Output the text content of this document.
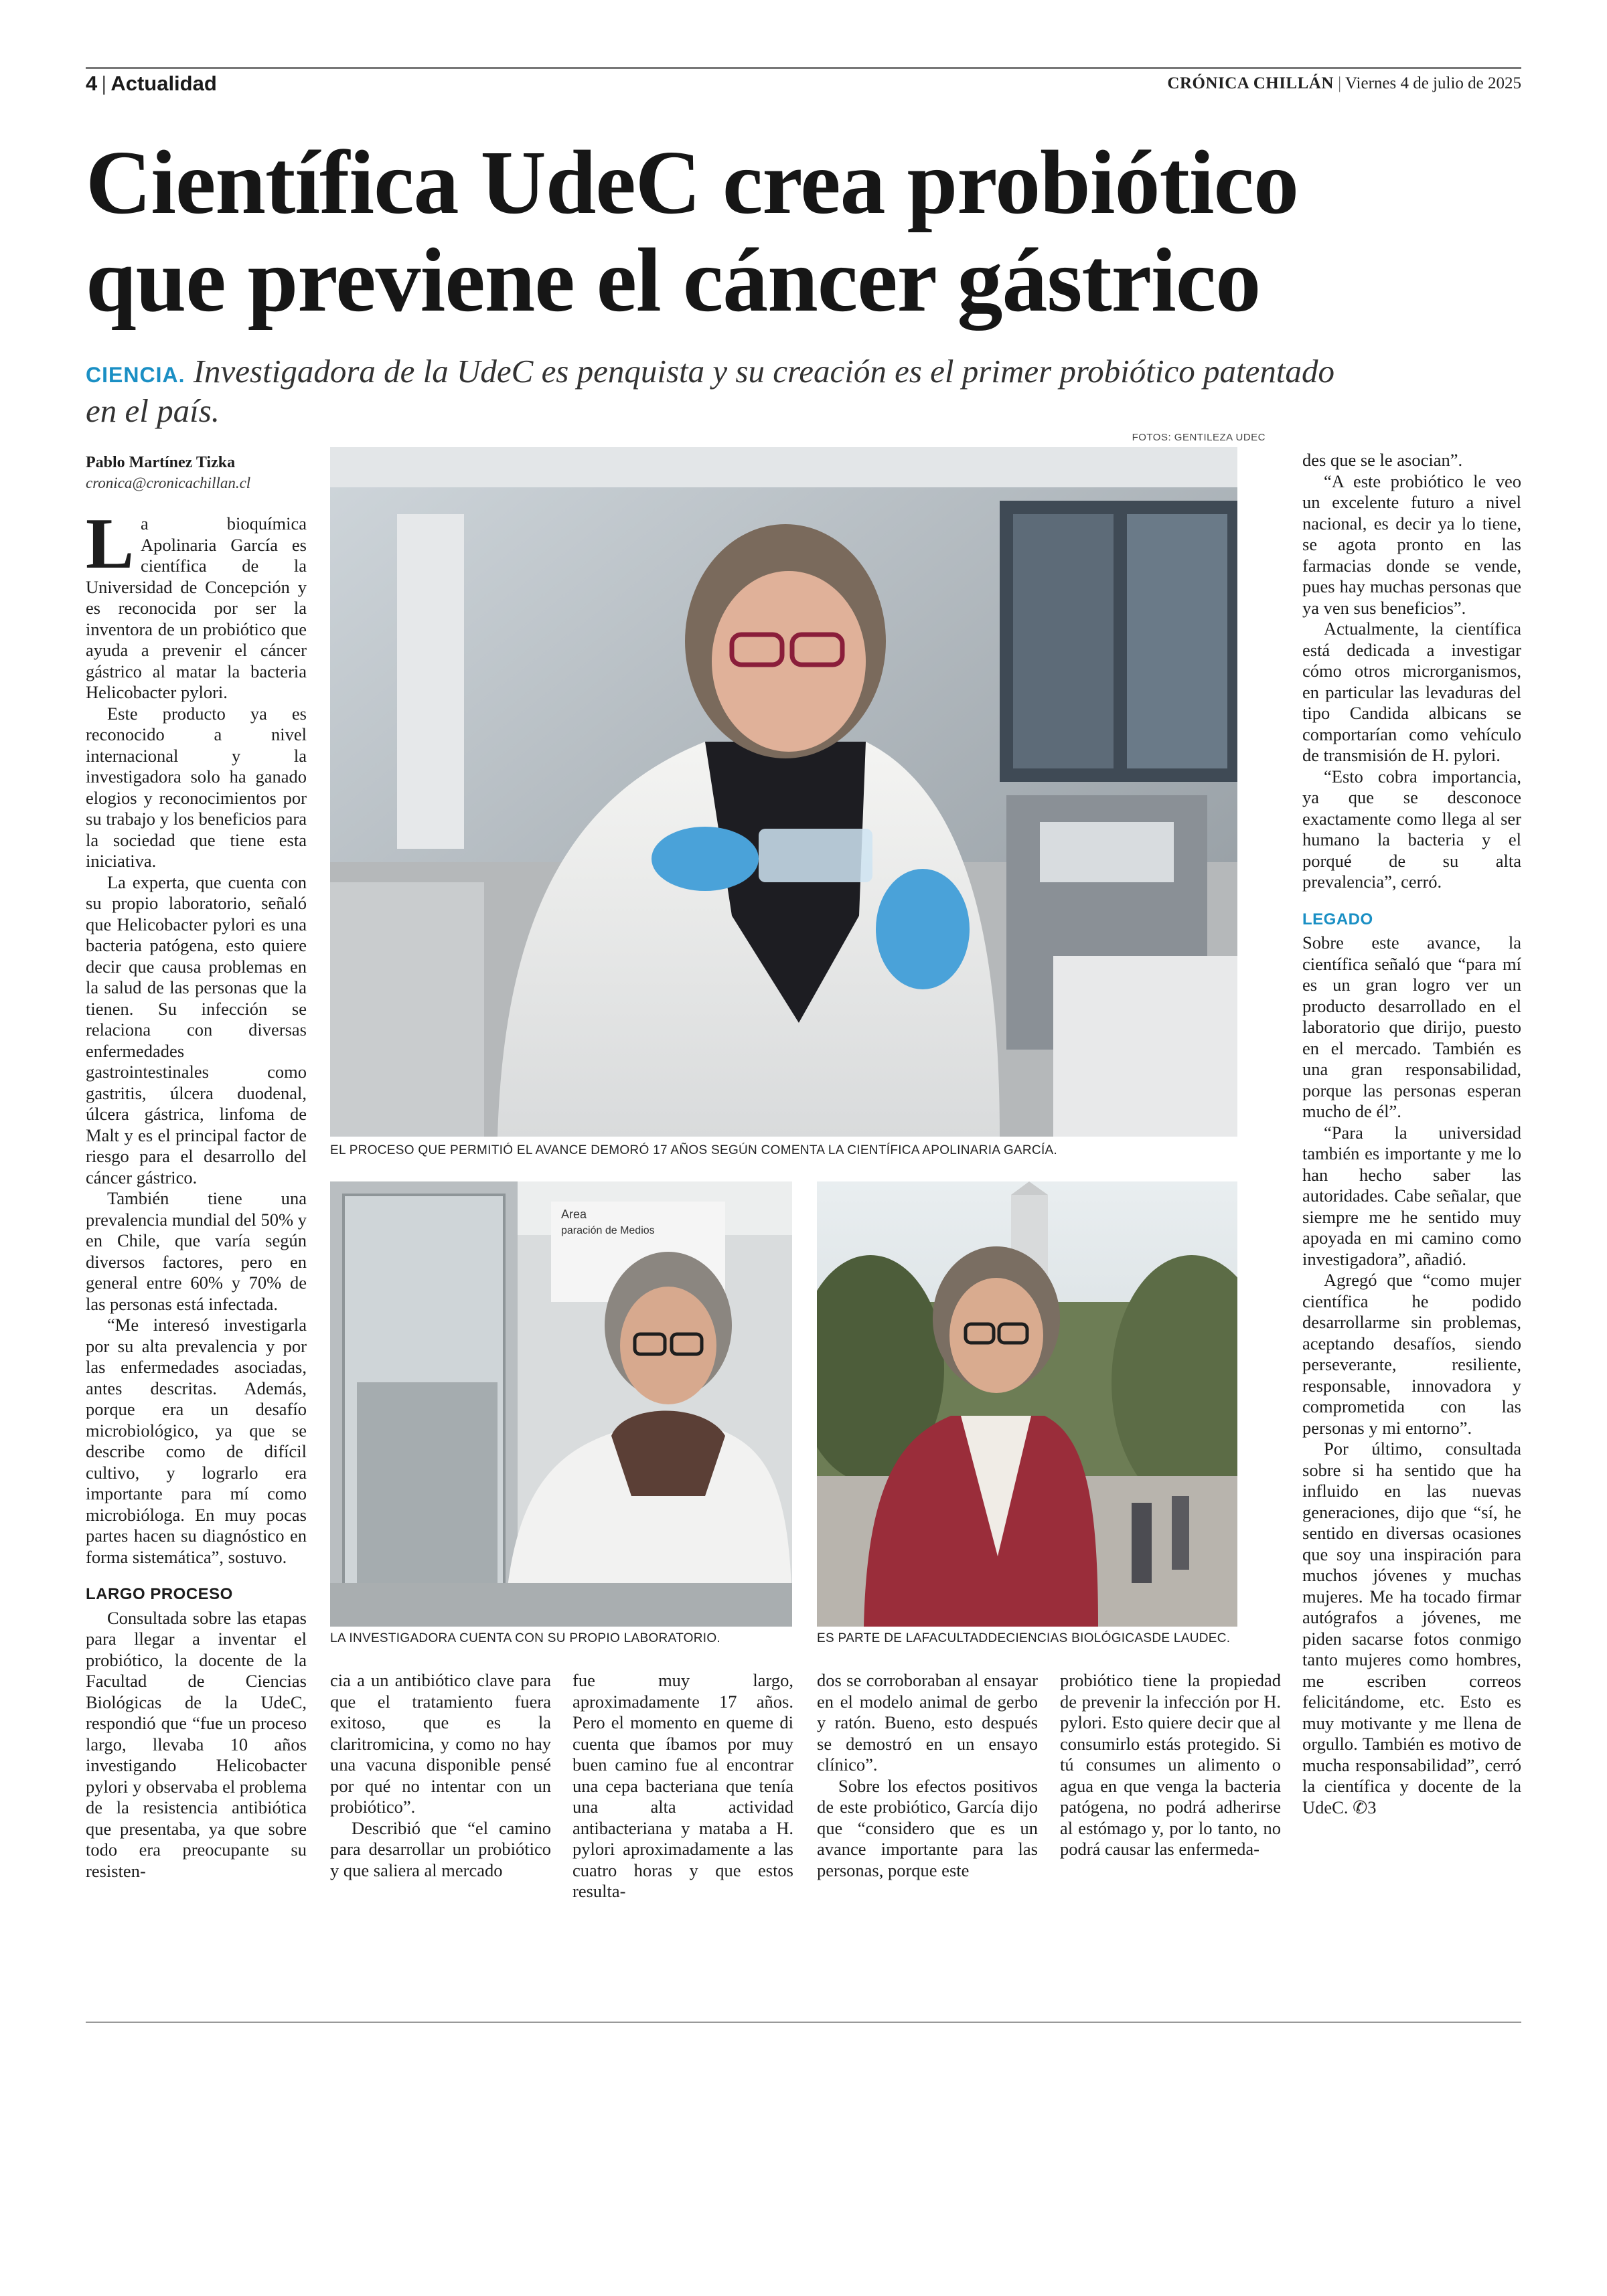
4 | Actualidad	CRÓNICA CHILLÁN | Viernes 4 de julio de 2025
Científica UdeC crea probiótico
que previene el cáncer gástrico
CIENCIA. Investigadora de la UdeC es penquista y su creación es el primer probiótico patentado en el país.
FOTOS: GENTILEZA UDEC
EL PROCESO QUE PERMITIÓ EL AVANCE DEMORÓ 17 AÑOS SEGÚN COMENTA LA CIENTÍFICA APOLINARIA GARCÍA.
Area
paración de Medios
LA INVESTIGADORA CUENTA CON SU PROPIO LABORATORIO.	ES PARTE DE LAFACULTADDECIENCIAS BIOLÓGICASDE LAUDEC.
Pablo Martínez Tizka
cronica@cronicachillan.cl

La bioquímica Apolinaria García es científica de la Universidad de Concepción y es reconocida por ser la inventora de un probiótico que ayuda a prevenir el cáncer gástrico al matar la bacteria Helicobacter pylori.

Este producto ya es reconocido a nivel internacional y la investigadora solo ha ganado elogios y reconocimientos por su trabajo y los beneficios para la sociedad que tiene esta iniciativa.

La experta, que cuenta con su propio laboratorio, señaló que Helicobacter pylori es una bacteria patógena, esto quiere decir que causa problemas en la salud de las personas que la tienen. Su infección se relaciona con diversas enfermedades gastrointestinales como gastritis, úlcera duodenal, úlcera gástrica, linfoma de Malt y es el principal factor de riesgo para el desarrollo del cáncer gástrico.

También tiene una prevalencia mundial del 50% y en Chile, que varía según diversos factores, pero en general entre 60% y 70% de las personas está infectada.

“Me interesó investigarla por su alta prevalencia y por las enfermedades asociadas, antes descritas. Además, porque era un desafío microbiológico, ya que se describe como de difícil cultivo, y lograrlo era importante para mí como microbióloga. En muy pocas partes hacen su diagnóstico en forma sistemática”, sostuvo.

LARGO PROCESO

Consultada sobre las etapas para llegar a inventar el probiótico, la docente de la Facultad de Ciencias Biológicas de la UdeC, respondió que “fue un proceso largo, llevaba 10 años investigando Helicobacter pylori y observaba el problema de la resistencia antibiótica que presentaba, ya que sobre todo era preocupante su resisten-

cia a un antibiótico clave para que el tratamiento fuera exitoso, que es la claritromicina, y como no hay una vacuna disponible pensé por qué no intentar con un probiótico”.

Describió que “el camino para desarrollar un probiótico y que saliera al mercado

fue muy largo, aproximadamente 17 años. Pero el momento en queme di cuenta que íbamos por muy buen camino fue al encontrar una cepa bacteriana que tenía una alta actividad antibacteriana y mataba a H. pylori aproximadamente a las cuatro horas y que estos resulta-

dos se corroboraban al ensayar en el modelo animal de gerbo y ratón. Bueno, esto después se demostró en un ensayo clínico”.

Sobre los efectos positivos de este probiótico, García dijo que “considero que es un avance importante para las personas, porque este

probiótico tiene la propiedad de prevenir la infección por H. pylori. Esto quiere decir que al consumirlo estás protegido. Si tú consumes un alimento o agua en que venga la bacteria patógena, no podrá adherirse al estómago y, por lo tanto, no podrá causar las enfermeda-

des que se le asocian”.

“A este probiótico le veo un excelente futuro a nivel nacional, es decir ya lo tiene, se agota pronto en las farmacias donde se vende, pues hay muchas personas que ya ven sus beneficios”.

Actualmente, la científica está dedicada a investigar cómo otros microrganismos, en particular las levaduras del tipo Candida albicans se comportarían como vehículo de transmisión de H. pylori.

“Esto cobra importancia, ya que se desconoce exactamente como llega al ser humano la bacteria y el porqué de su alta prevalencia”, cerró.

LEGADO

Sobre este avance, la científica señaló que “para mí es un gran logro ver un producto desarrollado en el laboratorio que dirijo, puesto en el mercado. También es una gran responsabilidad, porque las personas esperan mucho de él”.

“Para la universidad también es importante y me lo han hecho saber las autoridades. Cabe señalar, que siempre me he sentido muy apoyada en mi camino como investigadora”, añadió.

Agregó que “como mujer científica he podido desarrollarme sin problemas, aceptando desafíos, siendo perseverante, resiliente, responsable, innovadora y comprometida con las personas y mi entorno”.

Por último, consultada sobre si ha sentido que ha influido en las nuevas generaciones, dijo que “sí, he sentido en diversas ocasiones que soy una inspiración para muchos jóvenes y muchas mujeres. Me ha tocado firmar autógrafos a jóvenes, me piden sacarse fotos conmigo tanto mujeres como hombres, me escriben correos felicitándome, etc. Esto es muy motivante y me llena de orgullo. También es motivo de mucha responsabilidad”, cerró la científica y docente de la UdeC. ✆3
